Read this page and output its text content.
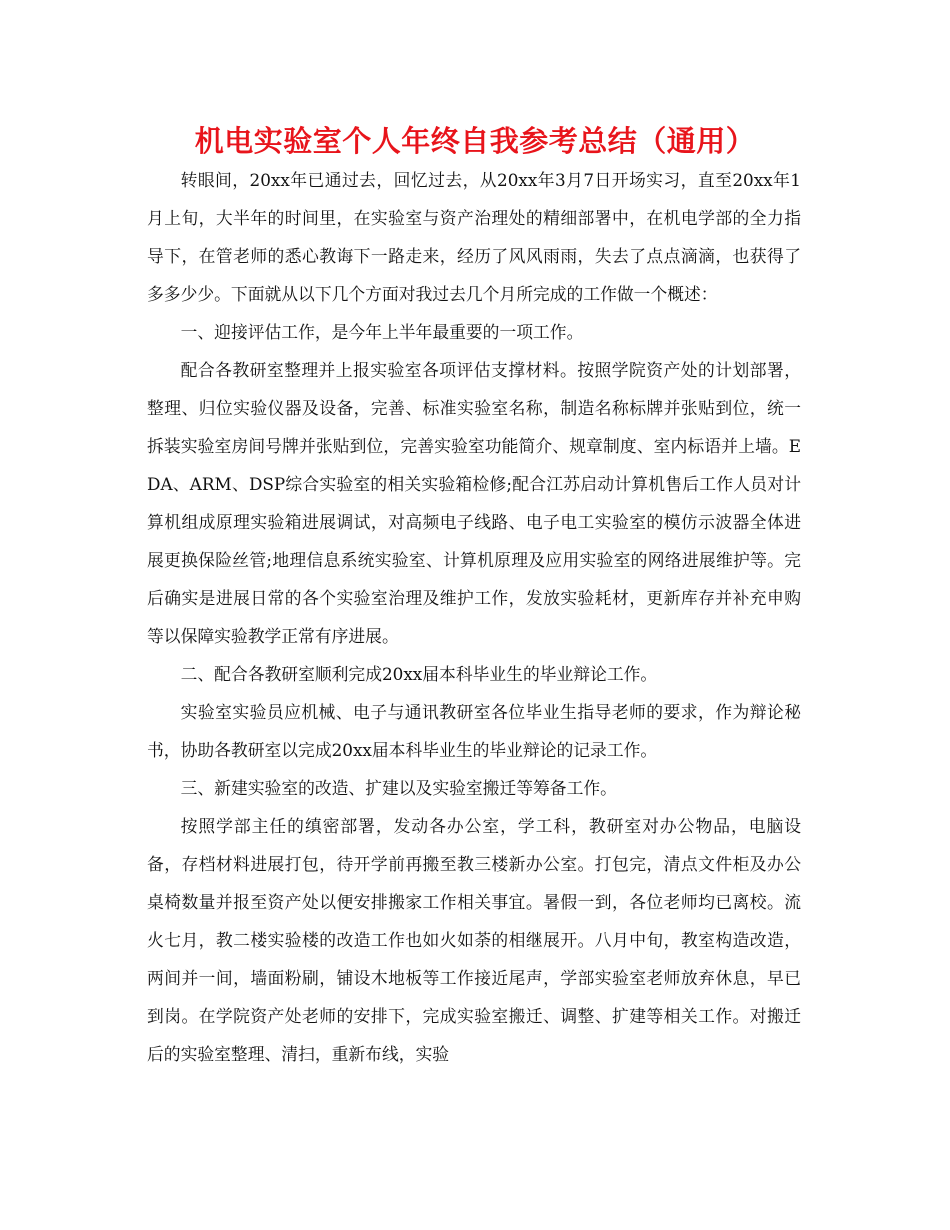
机电实验室个人年终自我参考总结（通用）

转眼间，20xx年已通过去，回忆过去，从20xx年3月7日开场实习，直至20xx年1月上旬，大半年的时间里，在实验室与资产治理处的精细部署中，在机电学部的全力指导下，在管老师的悉心教诲下一路走来，经历了风风雨雨，失去了点点滴滴，也获得了多多少少。下面就从以下几个方面对我过去几个月所完成的工作做一个概述：

一、迎接评估工作，是今年上半年最重要的一项工作。

配合各教研室整理并上报实验室各项评估支撑材料。按照学院资产处的计划部署，整理、归位实验仪器及设备，完善、标准实验室名称，制造名称标牌并张贴到位，统一拆装实验室房间号牌并张贴到位，完善实验室功能简介、规章制度、室内标语并上墙。EDA、ARM、DSP综合实验室的相关实验箱检修;配合江苏启动计算机售后工作人员对计算机组成原理实验箱进展调试，对高频电子线路、电子电工实验室的模仿示波器全体进展更换保险丝管;地理信息系统实验室、计算机原理及应用实验室的网络进展维护等。完后确实是进展日常的各个实验室治理及维护工作，发放实验耗材，更新库存并补充申购等以保障实验教学正常有序进展。

二、配合各教研室顺利完成20xx届本科毕业生的毕业辩论工作。

实验室实验员应机械、电子与通讯教研室各位毕业生指导老师的要求，作为辩论秘书，协助各教研室以完成20xx届本科毕业生的毕业辩论的记录工作。

三、新建实验室的改造、扩建以及实验室搬迁等筹备工作。

按照学部主任的缜密部署，发动各办公室，学工科，教研室对办公物品，电脑设备，存档材料进展打包，待开学前再搬至教三楼新办公室。打包完，清点文件柜及办公桌椅数量并报至资产处以便安排搬家工作相关事宜。暑假一到，各位老师均已离校。流火七月，教二楼实验楼的改造工作也如火如荼的相继展开。八月中旬，教室构造改造，两间并一间，墙面粉刷，铺设木地板等工作接近尾声，学部实验室老师放弃休息，早已到岗。在学院资产处老师的安排下，完成实验室搬迁、调整、扩建等相关工作。对搬迁后的实验室整理、清扫，重新布线，实验
